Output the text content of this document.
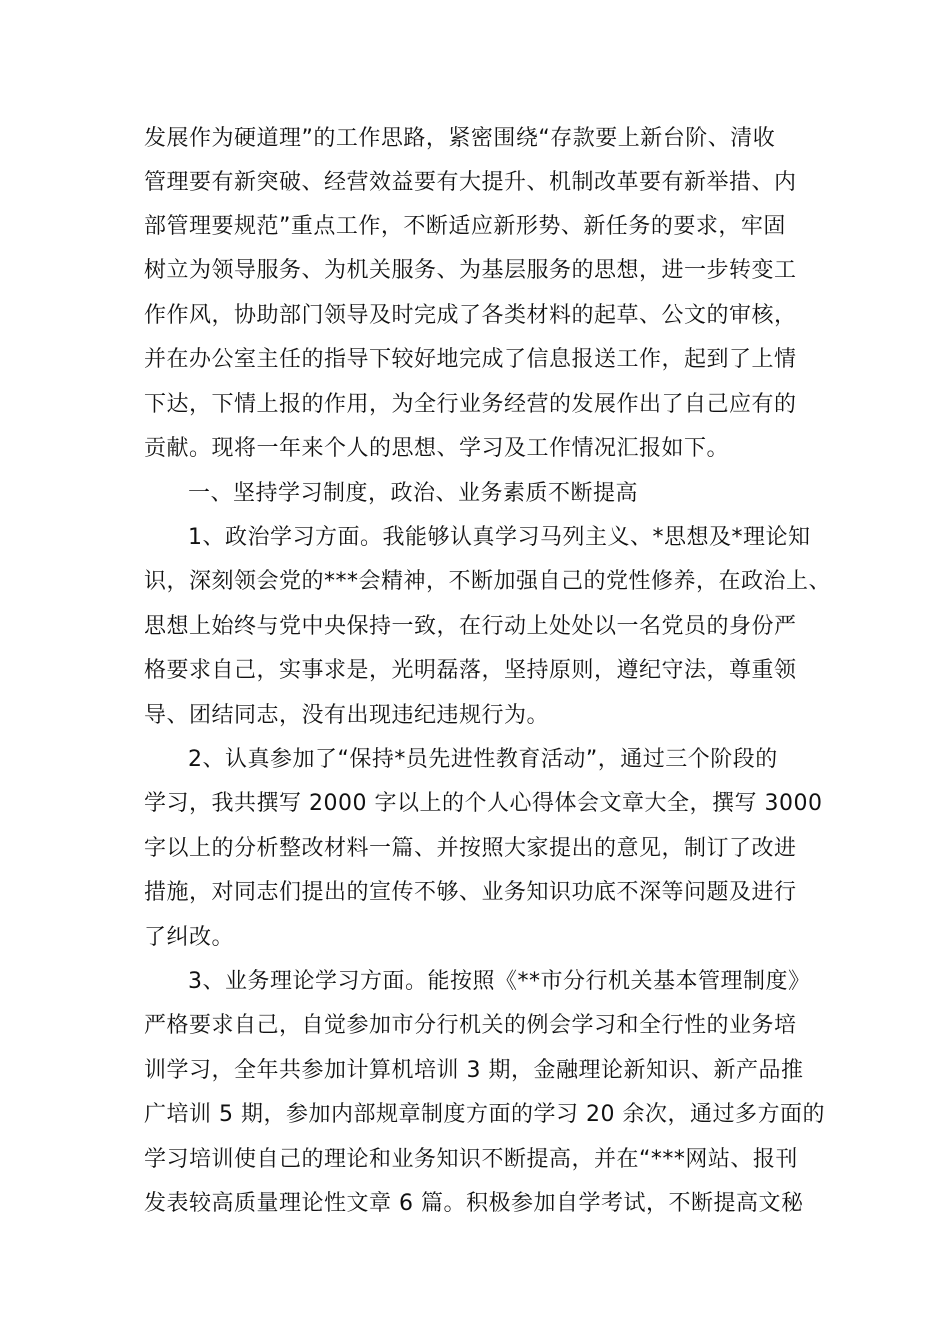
发展作为硬道理”的工作思路，紧密围绕“存款要上新台阶、清收
管理要有新突破、经营效益要有大提升、机制改革要有新举措、内
部管理要规范”重点工作，不断适应新形势、新任务的要求，牢固
树立为领导服务、为机关服务、为基层服务的思想，进一步转变工
作作风，协助部门领导及时完成了各类材料的起草、公文的审核，
并在办公室主任的指导下较好地完成了信息报送工作，起到了上情
下达，下情上报的作用，为全行业务经营的发展作出了自己应有的
贡献。现将一年来个人的思想、学习及工作情况汇报如下。
一、坚持学习制度，政治、业务素质不断提高
1、政治学习方面。我能够认真学习马列主义、*思想及*理论知
识，深刻领会党的***会精神，不断加强自己的党性修养，在政治上、
思想上始终与党中央保持一致，在行动上处处以一名党员的身份严
格要求自己，实事求是，光明磊落，坚持原则，遵纪守法，尊重领
导、团结同志，没有出现违纪违规行为。
2、认真参加了“保持*员先进性教育活动”，通过三个阶段的
学习，我共撰写 2000 字以上的个人心得体会文章大全，撰写 3000
字以上的分析整改材料一篇、并按照大家提出的意见，制订了改进
措施，对同志们提出的宣传不够、业务知识功底不深等问题及进行
了纠改。
3、业务理论学习方面。能按照《**市分行机关基本管理制度》
严格要求自己，自觉参加市分行机关的例会学习和全行性的业务培
训学习，全年共参加计算机培训 3 期，金融理论新知识、新产品推
广培训 5 期，参加内部规章制度方面的学习 20 余次，通过多方面的
学习培训使自己的理论和业务知识不断提高，并在“***网站、报刊
发表较高质量理论性文章 6 篇。积极参加自学考试，不断提高文秘
